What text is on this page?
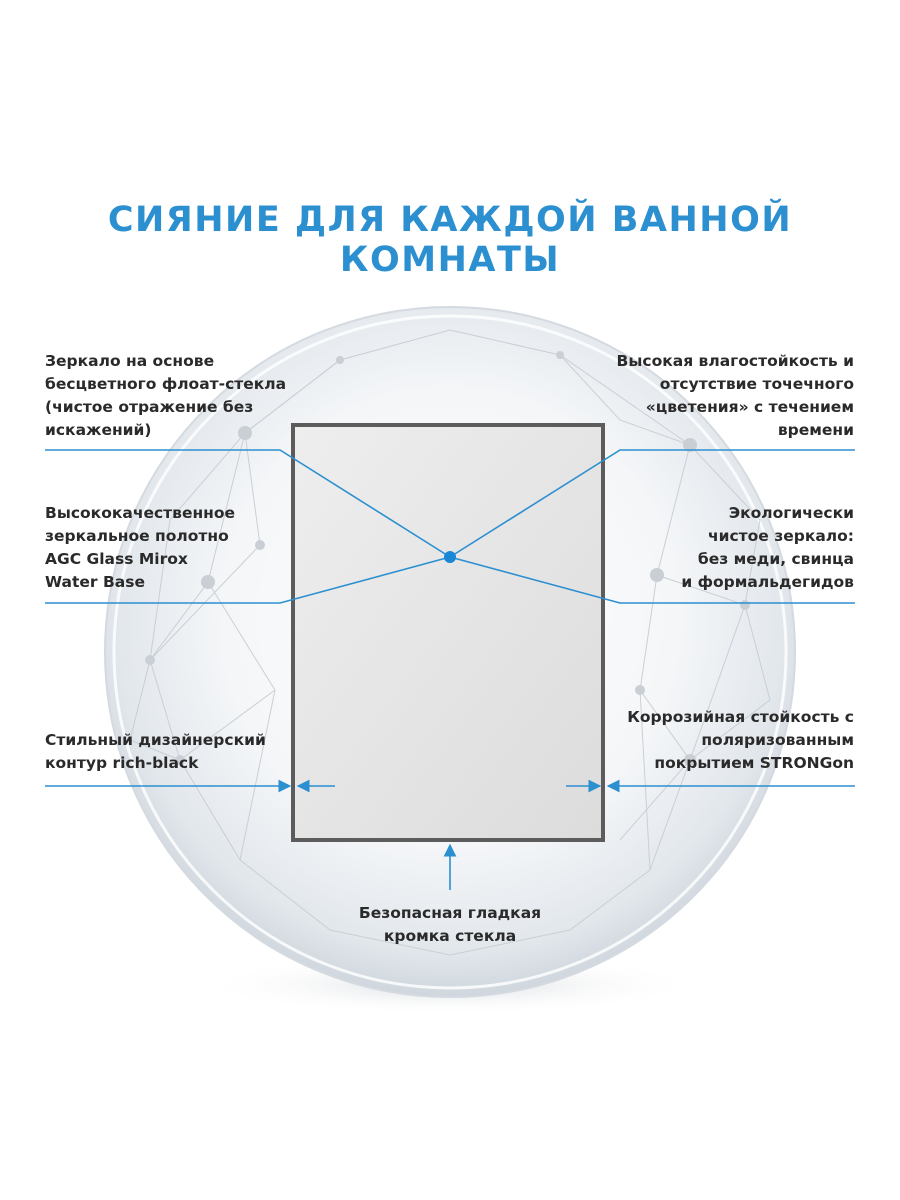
СИЯНИЕ ДЛЯ КАЖДОЙ ВАННОЙ КОМНАТЫ
Зеркало на основе
бесцветного флоат-стекла
(чистое отражение без
искажений)
Высокая влагостойкость и
отсутствие точечного
«цветения» с течением
времени
Высококачественное
зеркальное полотно
AGC Glass Mirox
Water Base
Экологически
чистое зеркало:
без меди, свинца
и формальдегидов
Стильный дизайнерский
контур rich-black
Коррозийная стойкость с
поляризованным
покрытием STRONGon
Безопасная гладкая
кромка стекла
